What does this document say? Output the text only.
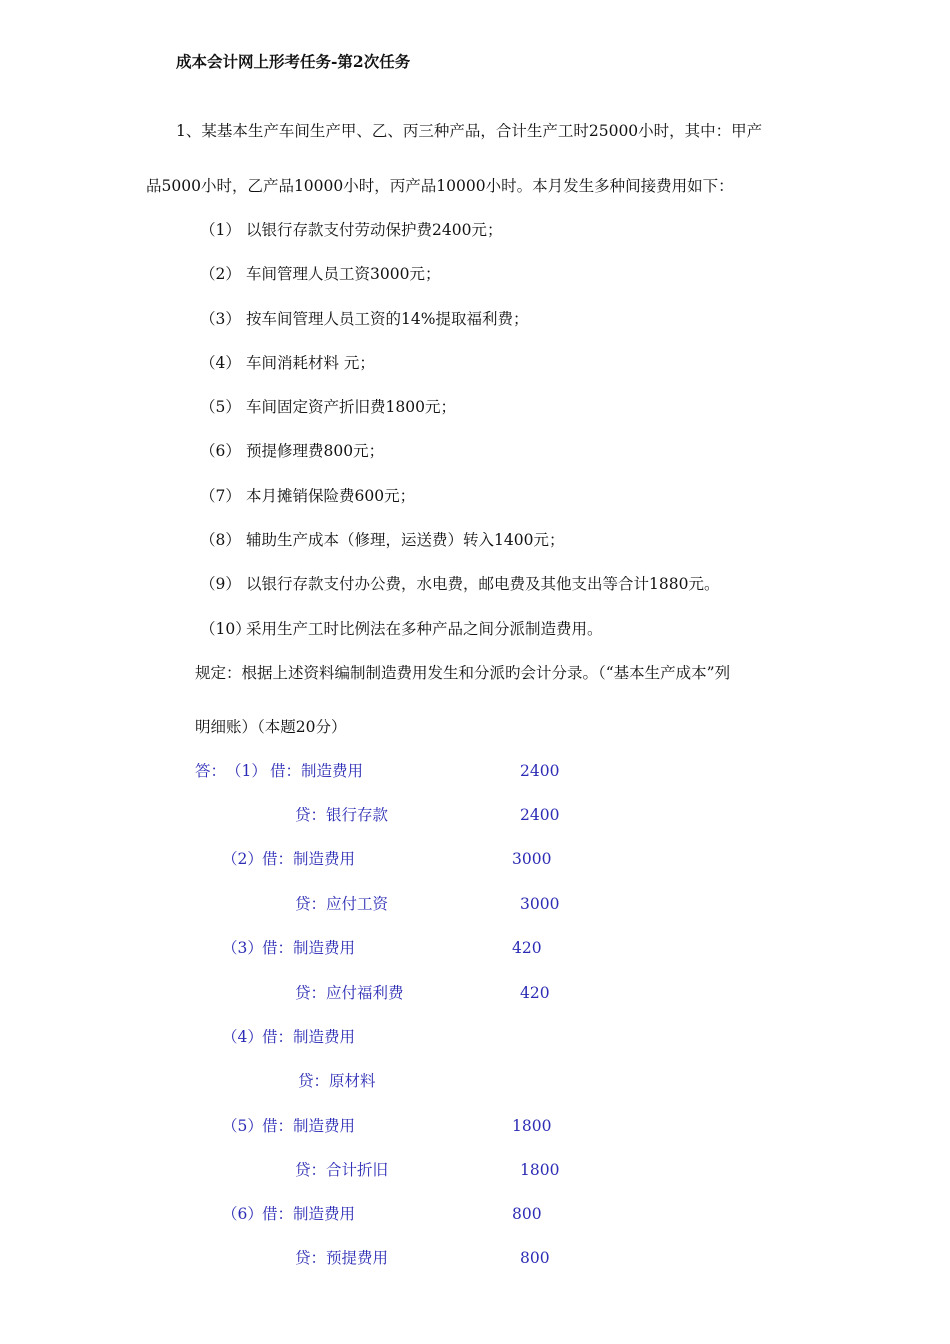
成本会计网上形考任务-第2次任务
1、某基本生产车间生产甲、乙、丙三种产品，合计生产工时25000小时，其中：甲产
品5000小时，乙产品10000小时，丙产品10000小时。本月发生多种间接费用如下：
（1） 以银行存款支付劳动保护费2400元；
（2） 车间管理人员工资3000元；
（3） 按车间管理人员工资的14%提取福利费；
（4） 车间消耗材料 元；
（5） 车间固定资产折旧费1800元；
（6） 预提修理费800元；
（7） 本月摊销保险费600元；
（8） 辅助生产成本（修理，运送费）转入1400元；
（9） 以银行存款支付办公费，水电费，邮电费及其他支出等合计1880元。
（10）
采用生产工时比例法在多种产品之间分派制造费用。
规定：根据上述资料编制制造费用发生和分派旳会计分录。（“基本生产成本”列
明细账）（本题20分）
答： （1） 借：制造费用	2400
贷：银行存款	2400
（2） 借：制造费用	3000
贷：应付工资	3000
（3） 借：制造费用	420
贷：应付福利费	420
（4） 借：制造费用
贷：原材料
（5） 借：制造费用	1800
贷：合计折旧	1800
（6） 借：制造费用	800
贷：预提费用	800
